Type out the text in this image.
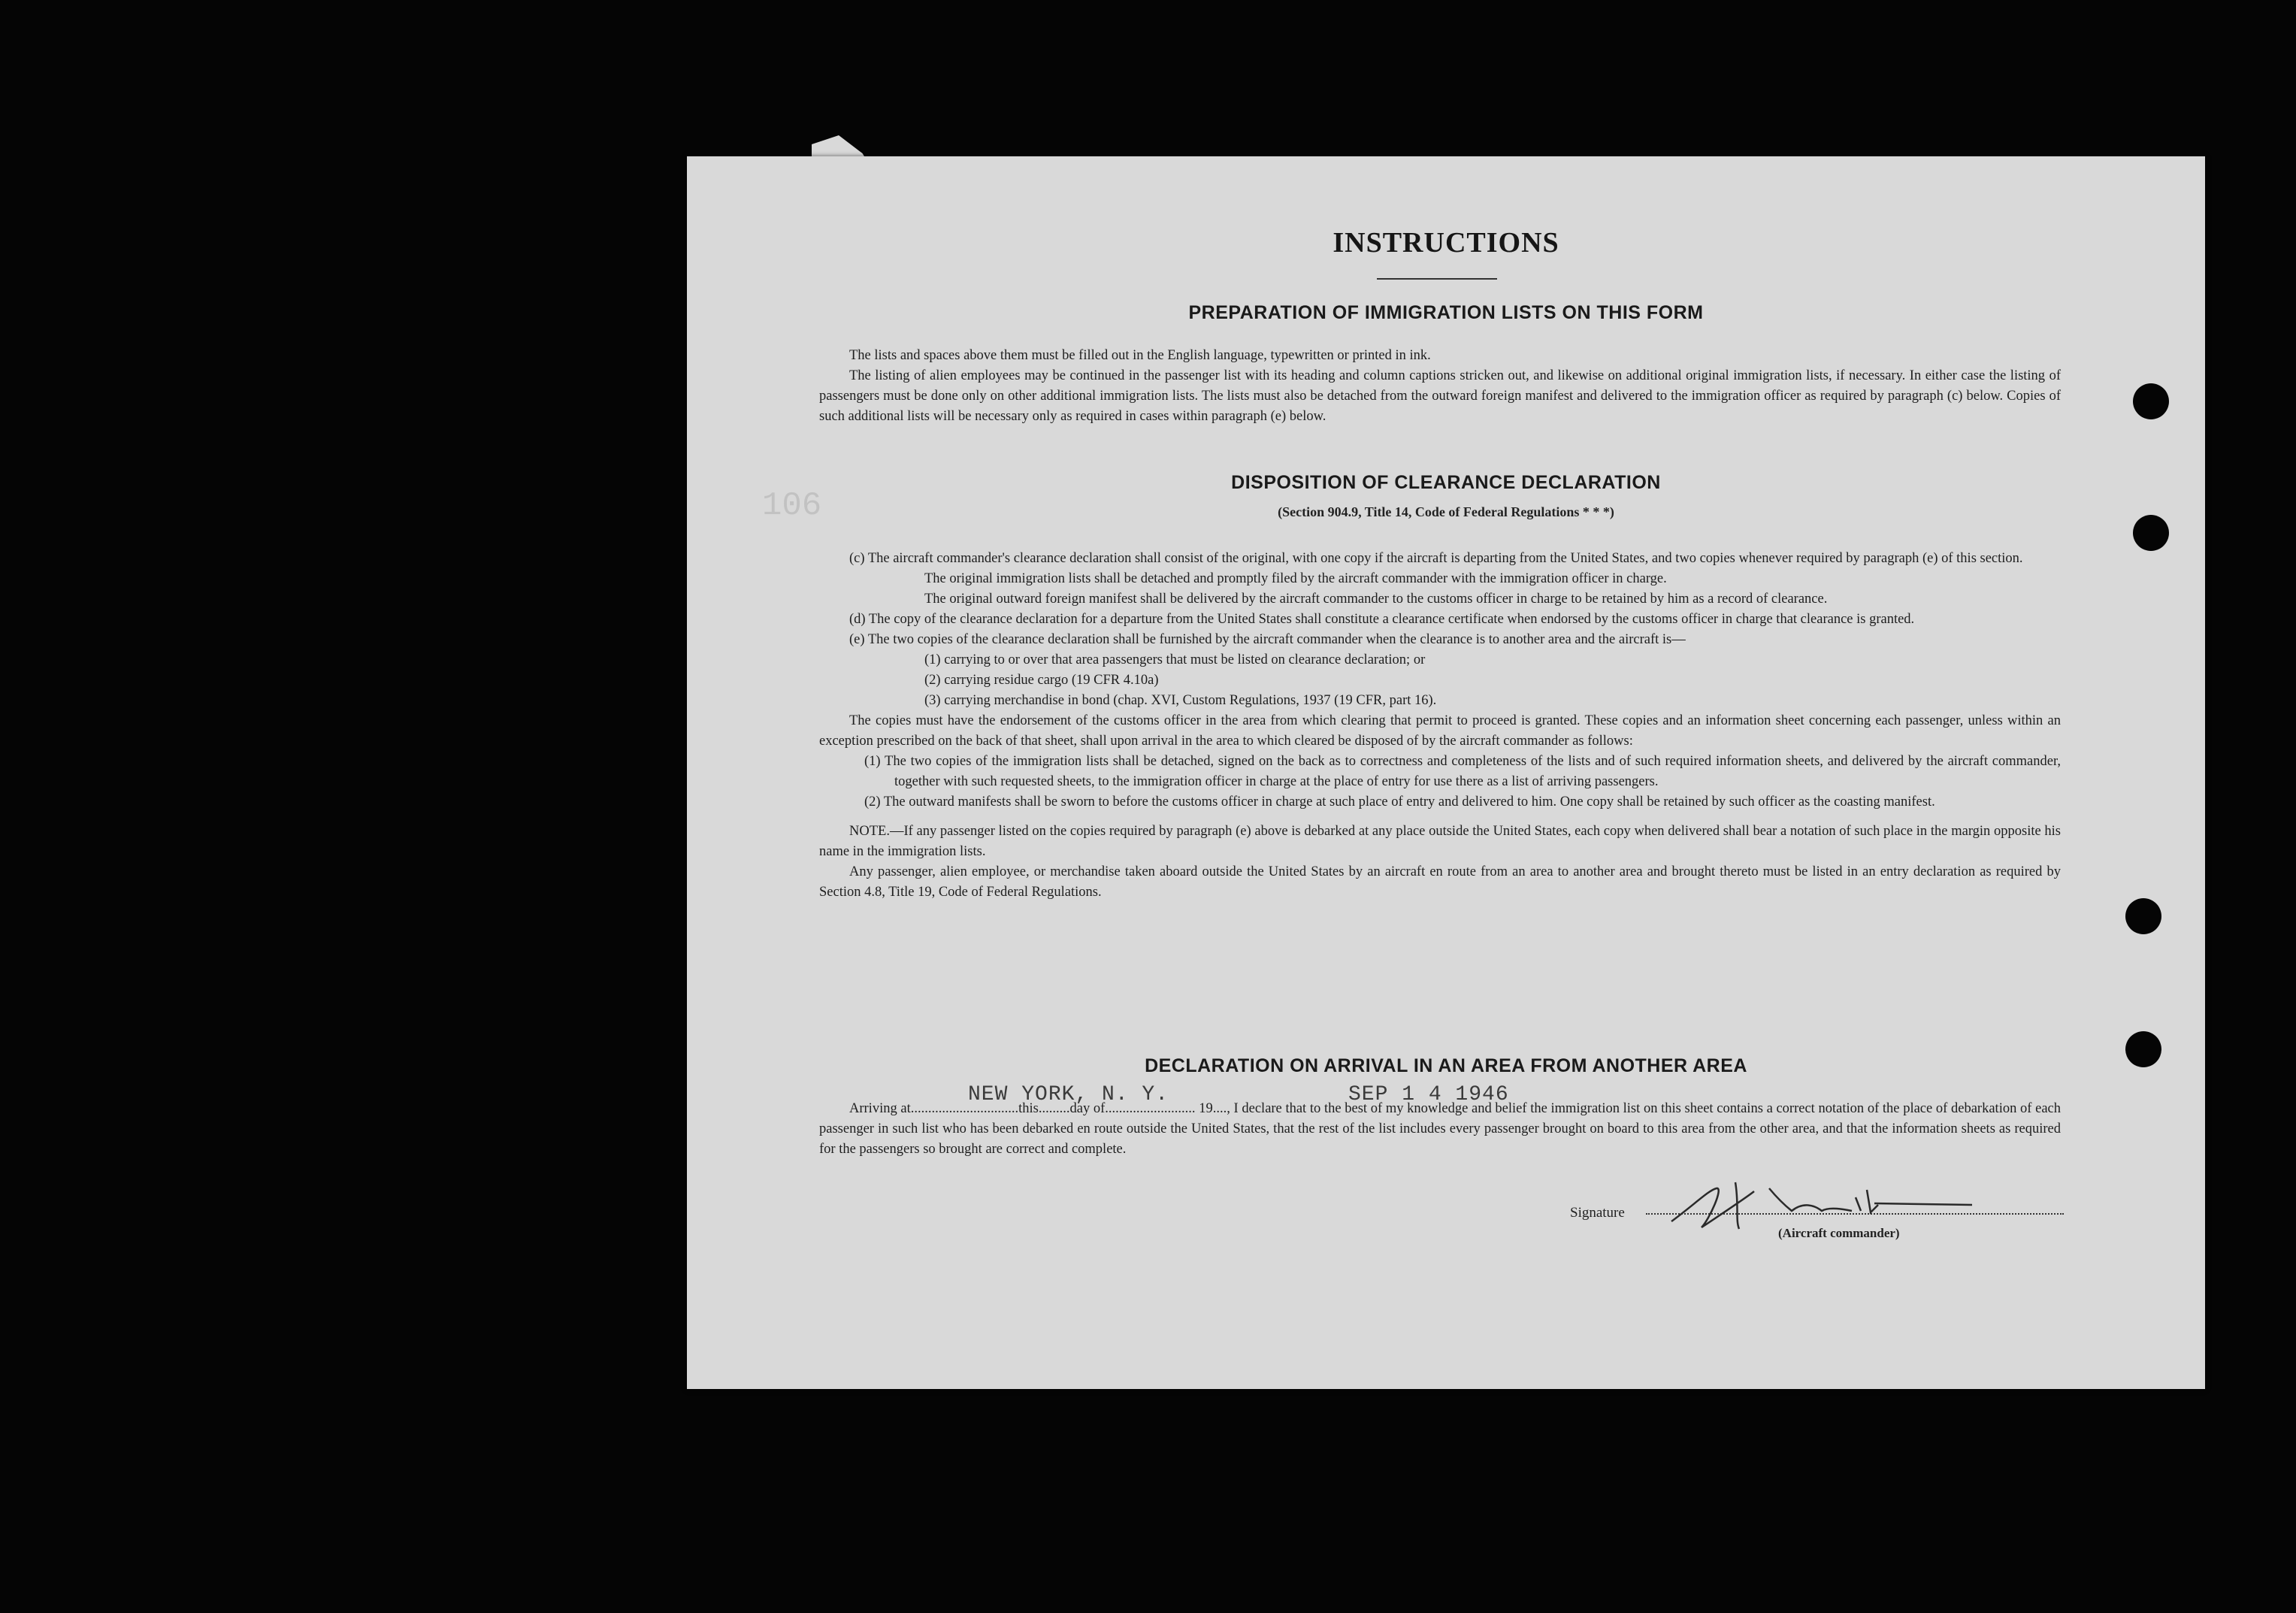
106
INSTRUCTIONS
PREPARATION OF IMMIGRATION LISTS ON THIS FORM
The lists and spaces above them must be filled out in the English language, typewritten or printed in ink.
The listing of alien employees may be continued in the passenger list with its heading and column captions stricken out, and likewise on additional original immigration lists, if necessary. In either case the listing of passengers must be done only on other additional immigration lists. The lists must also be detached from the outward foreign manifest and delivered to the immigration officer as required by paragraph (c) below. Copies of such additional lists will be necessary only as required in cases within paragraph (e) below.
DISPOSITION OF CLEARANCE DECLARATION
(Section 904.9, Title 14, Code of Federal Regulations * * *)
(c) The aircraft commander's clearance declaration shall consist of the original, with one copy if the aircraft is departing from the United States, and two copies whenever required by paragraph (e) of this section.
The original immigration lists shall be detached and promptly filed by the aircraft commander with the immigration officer in charge.
The original outward foreign manifest shall be delivered by the aircraft commander to the customs officer in charge to be retained by him as a record of clearance.
(d) The copy of the clearance declaration for a departure from the United States shall constitute a clearance certificate when endorsed by the customs officer in charge that clearance is granted.
(e) The two copies of the clearance declaration shall be furnished by the aircraft commander when the clearance is to another area and the aircraft is—
(1) carrying to or over that area passengers that must be listed on clearance declaration; or
(2) carrying residue cargo (19 CFR 4.10a)
(3) carrying merchandise in bond (chap. XVI, Custom Regulations, 1937 (19 CFR, part 16).
The copies must have the endorsement of the customs officer in the area from which clearing that permit to proceed is granted. These copies and an information sheet concerning each passenger, unless within an exception prescribed on the back of that sheet, shall upon arrival in the area to which cleared be disposed of by the aircraft commander as follows:
(1) The two copies of the immigration lists shall be detached, signed on the back as to correctness and completeness of the lists and of such required information sheets, and delivered by the aircraft commander, together with such requested sheets, to the immigration officer in charge at the place of entry for use there as a list of arriving passengers.
(2) The outward manifests shall be sworn to before the customs officer in charge at such place of entry and delivered to him. One copy shall be retained by such officer as the coasting manifest.
NOTE.—If any passenger listed on the copies required by paragraph (e) above is debarked at any place outside the United States, each copy when delivered shall bear a notation of such place in the margin opposite his name in the immigration lists.
Any passenger, alien employee, or merchandise taken aboard outside the United States by an aircraft en route from an area to another area and brought thereto must be listed in an entry declaration as required by Section 4.8, Title 19, Code of Federal Regulations.
DECLARATION ON ARRIVAL IN AN AREA FROM ANOTHER AREA
Arriving at...............................this.........day of.......................... 19...., I declare that to the best of my knowledge and belief the immigration list on this sheet contains a correct notation of the place of debarkation of each passenger in such list who has been debarked en route outside the United States, that the rest of the list includes every passenger brought on board to this area from the other area, and that the information sheets as required for the passengers so brought are correct and complete.
NEW YORK, N. Y.	SEP 1 4 1946
Signature
(Aircraft commander)
